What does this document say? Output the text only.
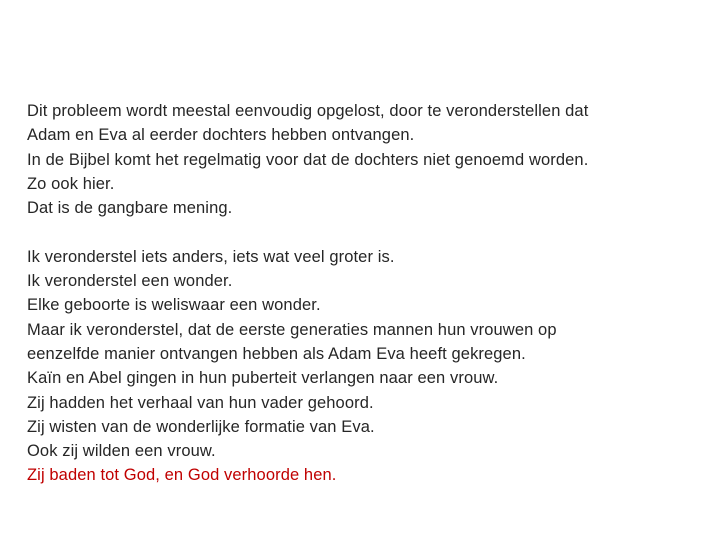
Dit probleem wordt meestal eenvoudig opgelost, door te veronderstellen dat
Adam en Eva al eerder dochters hebben ontvangen.
In de Bijbel komt het regelmatig voor dat de dochters niet genoemd worden.
Zo ook hier.
Dat is de gangbare mening.
Ik veronderstel iets anders, iets wat veel groter is.
Ik veronderstel een wonder.
Elke geboorte is weliswaar een wonder.
Maar ik veronderstel, dat de eerste generaties mannen hun vrouwen op
eenzelfde manier ontvangen hebben als Adam Eva heeft gekregen.
Kaïn en Abel gingen in hun puberteit verlangen naar een vrouw.
Zij hadden het verhaal van hun vader gehoord.
Zij wisten van de wonderlijke formatie van Eva.
Ook zij wilden een vrouw.
Zij baden tot God, en God verhoorde hen.
